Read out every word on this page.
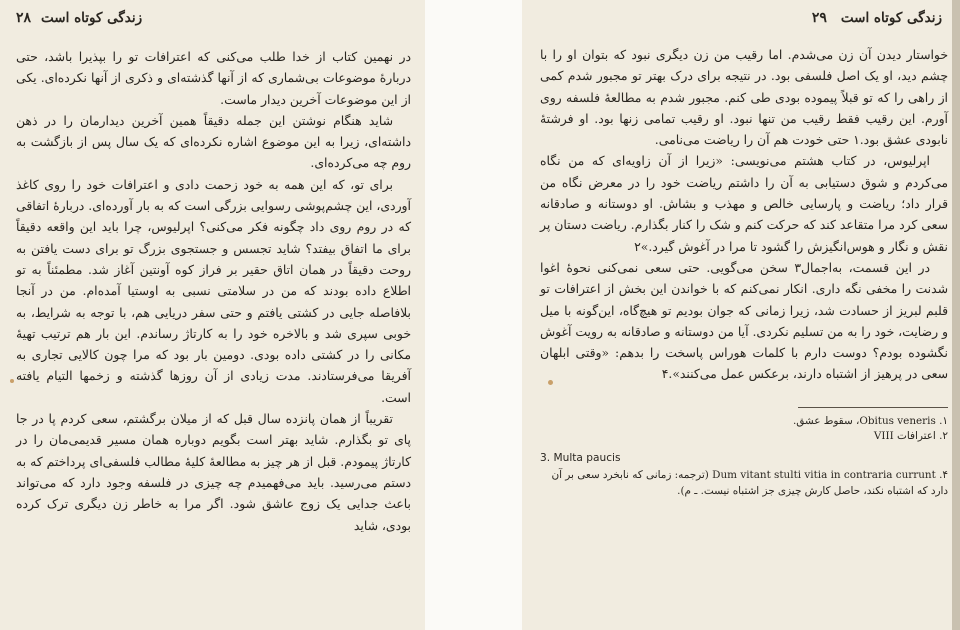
زندگی کوتاه است
۲۸

در نهمین کتاب از خدا طلب می‌کنی که اعترافات تو را بپذیرا باشد، حتی دربارهٔ موضوعات بی‌شماری که از آنها گذشته‌ای و ذکری از آنها نکرده‌ای. یکی از این موضوعات آخرین دیدار ماست.

شاید هنگام نوشتن این جمله دقیقاً همین آخرین دیدارمان را در ذهن داشته‌ای، زیرا به این موضوع اشاره نکرده‌ای که یک سال پس از بازگشت به روم چه می‌کرده‌ای.

برای تو، که این همه به خود زحمت دادی و اعترافات خود را روی کاغذ آوردی، این چشم‌پوشی رسوایی بزرگی است که به بار آورده‌ای. دربارهٔ اتفاقی که در روم روی داد چگونه فکر می‌کنی؟ اپرلیوس، چرا باید این واقعه دقیقاً برای ما اتفاق بیفتد؟ شاید تجسس و جستجوی بزرگ تو برای دست یافتن به روحت دقیقاً در همان اتاق حقیر بر فراز کوه آونتین آغاز شد. مطمئناً به تو اطلاع داده بودند که من در سلامتی نسبی به اوستیا آمده‌ام. من در آنجا بلافاصله جایی در کشتی یافتم و حتی سفر دریایی هم، با توجه به شرایط، به خوبی سپری شد و بالاخره خود را به کارتاژ رساندم. این بار هم ترتیب تهیهٔ مکانی را در کشتی داده بودی. دومین بار بود که مرا چون کالایی تجاری به آفریقا می‌فرستادند. مدت زیادی از آن روزها گذشته و زخمها التیام یافته است.

تقریباً از همان پانزده سال قبل که از میلان برگشتم، سعی کردم پا در جا پای تو بگذارم. شاید بهتر است بگویم دوباره همان مسیر قدیمی‌مان را در کارتاژ پیمودم. قبل از هر چیز به مطالعهٔ کلیهٔ مطالب فلسفی‌ای پرداختم که به دستم می‌رسید. باید می‌فهمیدم چه چیزی در فلسفه وجود دارد که می‌تواند باعث جدایی یک زوج عاشق شود. اگر مرا به خاطر زن دیگری ترک کرده بودی، شاید

زندگی کوتاه است
۲۹

خواستار دیدن آن زن می‌شدم. اما رقیب من زن دیگری نبود که بتوان او را با چشم دید، او یک اصل فلسفی بود. در نتیجه برای درک بهتر تو مجبور شدم کمی از راهی را که تو قبلاً پیموده بودی طی کنم. مجبور شدم به مطالعهٔ فلسفه روی آورم. این رقیب فقط رقیب من تنها نبود. او رقیب تمامی زنها بود. او فرشتهٔ نابودی عشق بود.۱ حتی خودت هم آن را ریاضت می‌نامی.

اپرلیوس، در کتاب هشتم می‌نویسی: «زیرا از آن زاویه‌ای که من نگاه می‌کردم و شوق دستیابی به آن را داشتم ریاضت خود را در معرض نگاه من قرار داد؛ ریاضت و پارسایی خالص و مهذب و بشاش. او دوستانه و صادقانه سعی کرد مرا متقاعد کند که حرکت کنم و شک را کنار بگذارم. ریاضت دستان پر نقش و نگار و هوس‌انگیزش را گشود تا مرا در آغوش گیرد.»۲

در این قسمت، به‌اجمال۳ سخن می‌گویی. حتی سعی نمی‌کنی نحوهٔ اغوا شدنت را مخفی نگه داری. انکار نمی‌کنم که با خواندن این بخش از اعترافات تو قلبم لبریز از حسادت شد، زیرا زمانی که جوان بودیم تو هیچ‌گاه، این‌گونه با میل و رضایت، خود را به من تسلیم نکردی. آیا من دوستانه و صادقانه به رویت آغوش نگشوده بودم؟ دوست دارم با کلمات هوراس پاسخت را بدهم: «وقتی ابلهان سعی در پرهیز از اشتباه دارند، برعکس عمل می‌کنند».۴

۱. Obitus veneris، سقوط عشق.
۲. اعترافات VIII
3. Multa paucis
۴. Dum vitant stulti vitia in contraria currunt (ترجمه: زمانی که نابخرد سعی بر آن دارد که اشتباه نکند، حاصل کارش چیزی جز اشتباه نیست. ـ م).
